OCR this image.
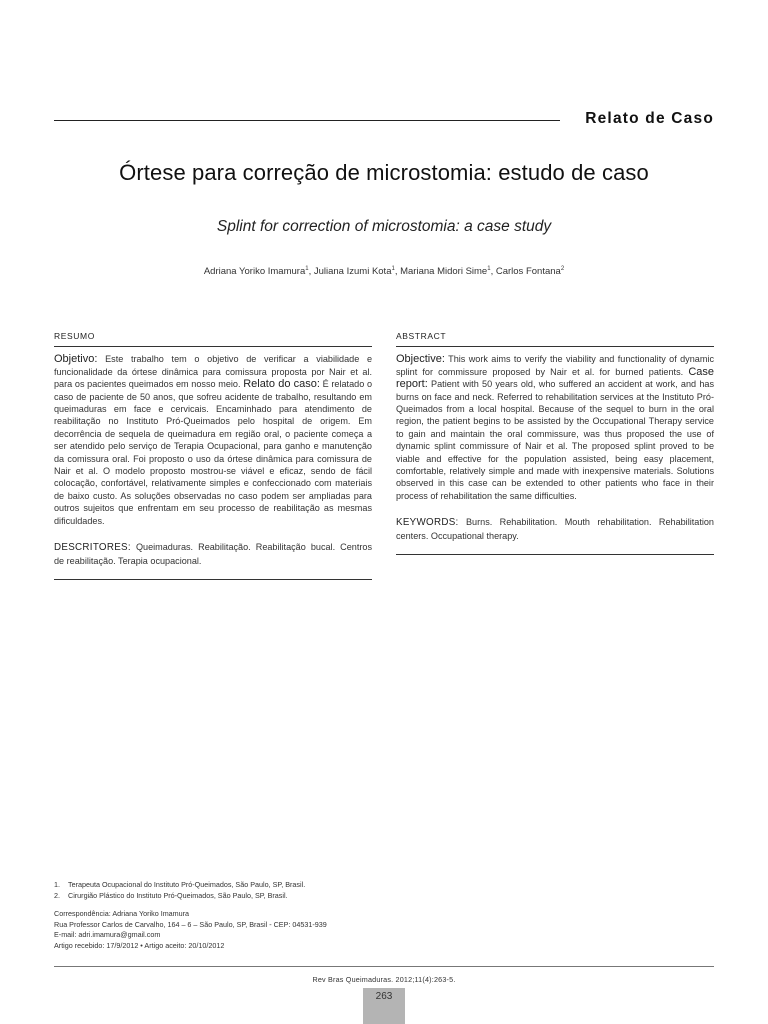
Relato de Caso
Órtese para correção de microstomia: estudo de caso
Splint for correction of microstomia: a case study
Adriana Yoriko Imamura$^1$, Juliana Izumi Kota$^1$, Mariana Midori Sime$^1$, Carlos Fontana$^2$
RESUMO
Objetivo: Este trabalho tem o objetivo de verificar a viabilidade e funcionalidade da órtese dinâmica para comissura proposta por Nair et al. para os pacientes queimados em nosso meio. Relato do caso: É relatado o caso de paciente de 50 anos, que sofreu acidente de trabalho, resultando em queimaduras em face e cervicais. Encaminhado para atendimento de reabilitação no Instituto Pró-Queimados pelo hospital de origem. Em decorrência de sequela de queimadura em região oral, o paciente começa a ser atendido pelo serviço de Terapia Ocupacional, para ganho e manutenção da comissura oral. Foi proposto o uso da órtese dinâmica para comissura de Nair et al. O modelo proposto mostrou-se viável e eficaz, sendo de fácil colocação, confortável, relativamente simples e confeccionado com materiais de baixo custo. As soluções observadas no caso podem ser ampliadas para outros sujeitos que enfrentam em seu processo de reabilitação as mesmas dificuldades.
DESCRITORES: Queimaduras. Reabilitação. Reabilitação bucal. Centros de reabilitação. Terapia ocupacional.
ABSTRACT
Objective: This work aims to verify the viability and functionality of dynamic splint for commissure proposed by Nair et al. for burned patients. Case report: Patient with 50 years old, who suffered an accident at work, and has burns on face and neck. Referred to rehabilitation services at the Instituto Pró-Queimados from a local hospital. Because of the sequel to burn in the oral region, the patient begins to be assisted by the Occupational Therapy service to gain and maintain the oral commissure, was thus proposed the use of dynamic splint commissure of Nair et al. The proposed splint proved to be viable and effective for the population assisted, being easy placement, comfortable, relatively simple and made with inexpensive materials. Solutions observed in this case can be extended to other patients who face in their process of rehabilitation the same difficulties.
KEYWORDS: Burns. Rehabilitation. Mouth rehabilitation. Rehabilitation centers. Occupational therapy.
1.	Terapeuta Ocupacional do Instituto Pró-Queimados, São Paulo, SP, Brasil.
2.	Cirurgião Plástico do Instituto Pró-Queimados, São Paulo, SP, Brasil.
Correspondência: Adriana Yoriko Imamura
Rua Professor Carlos de Carvalho, 164 – 6 – São Paulo, SP, Brasil - CEP: 04531-939
E-mail: adri.imamura@gmail.com
Artigo recebido: 17/9/2012 • Artigo aceito: 20/10/2012
Rev Bras Queimaduras. 2012;11(4):263-5.
263
